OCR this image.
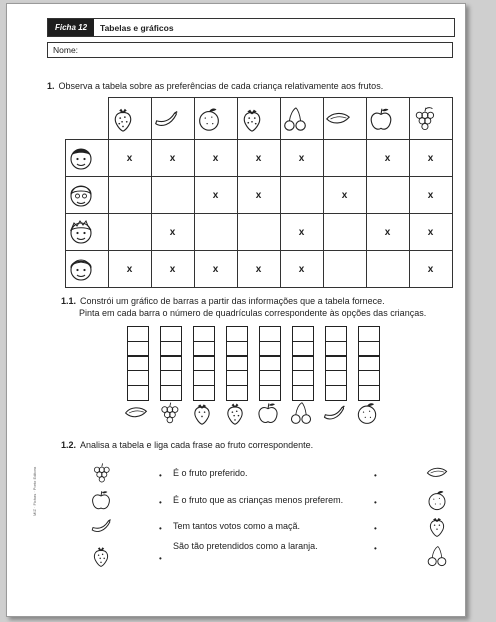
Ficha 12	Tabelas e gráficos
Nome:
1. Observa a tabela sobre as preferências de cada criança relativamente aos frutos.

	x	x	x	x	x		x	x

			x	x		x		x

		x			x		x	x

	x	x	x	x	x			x
1.1. Constrói um gráfico de barras a partir das informações que a tabela fornece.
Pinta em cada barra o número de quadrículas correspondente às opções das crianças.
1.2. Analisa a tabela e liga cada frase ao fruto correspondente.
• É o fruto preferido.	•
• É o fruto que as crianças menos preferem.	•
• Tem tantos votos como a maçã.	•
•
São tão pretendidos como a laranja.	•
MIZ · Fichas · Porto Editora
